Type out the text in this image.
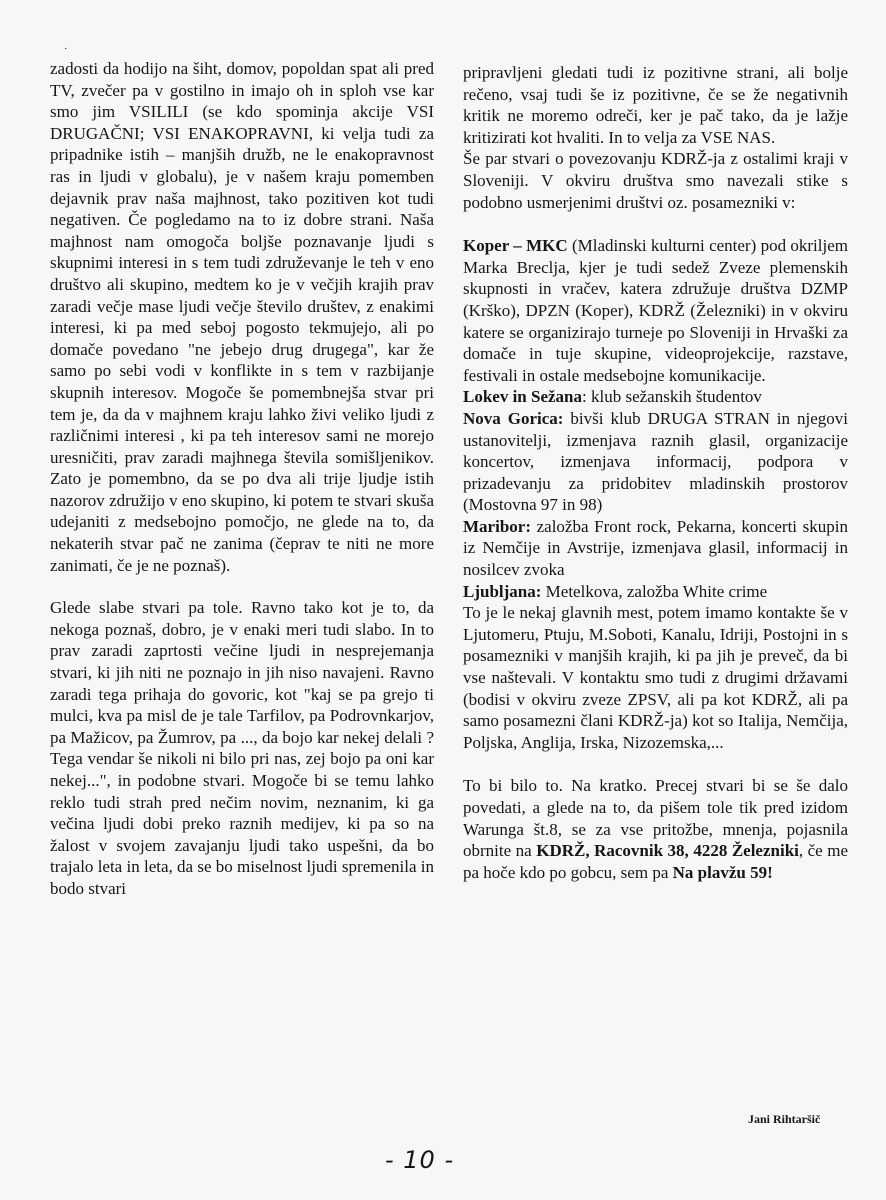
·

zadosti da hodijo na šiht, domov, popoldan spat ali pred TV, zvečer pa v gostilno in imajo oh in sploh vse kar smo jim VSILILI (se kdo spominja akcije VSI DRUGAČNI; VSI ENAKOPRAVNI, ki velja tudi za pripadnike istih – manjših družb, ne le enakopravnost ras in ljudi v globalu), je v našem kraju pomemben dejavnik prav naša majhnost, tako pozitiven kot tudi negativen. Če pogledamo na to iz dobre strani. Naša majhnost nam omogoča boljše poznavanje ljudi s skupnimi interesi in s tem tudi združevanje le teh v eno društvo ali skupino, medtem ko je v večjih krajih prav zaradi večje mase ljudi večje število društev, z enakimi interesi, ki pa med seboj pogosto tekmujejo, ali po domače povedano "ne jebejo drug drugega", kar že samo po sebi vodi v konflikte in s tem v razbijanje skupnih interesov. Mogoče še pomembnejša stvar pri tem je, da da v majhnem kraju lahko živi veliko ljudi z različnimi interesi , ki pa teh interesov sami ne morejo uresničiti, prav zaradi majhnega števila somišljenikov. Zato je pomembno, da se po dva ali trije ljudje istih nazorov združijo v eno skupino, ki potem te stvari skuša udejaniti z medsebojno pomočjo, ne glede na to, da nekaterih stvar pač ne zanima (čeprav te niti ne more zanimati, če je ne poznaš).

Glede slabe stvari pa tole. Ravno tako kot je to, da nekoga poznaš, dobro, je v enaki meri tudi slabo. In to prav zaradi zaprtosti večine ljudi in nesprejemanja stvari, ki jih niti ne poznajo in jih niso navajeni. Ravno zaradi tega prihaja do govoric, kot "kaj se pa grejo ti mulci, kva pa misl de je tale Tarfilov, pa Podrovnkarjov, pa Mažicov, pa Žumrov, pa ..., da bojo kar nekej delali ? Tega vendar še nikoli ni bilo pri nas, zej bojo pa oni kar nekej...", in podobne stvari. Mogoče bi se temu lahko reklo tudi strah pred nečim novim, neznanim, ki ga večina ljudi dobi preko raznih medijev, ki pa so na žalost v svojem zavajanju ljudi tako uspešni, da bo trajalo leta in leta, da se bo miselnost ljudi spremenila in bodo stvari

pripravljeni gledati tudi iz pozitivne strani, ali bolje rečeno, vsaj tudi še iz pozitivne, če se že negativnih kritik ne moremo odreči, ker je pač tako, da je lažje kritizirati kot hvaliti. In to velja za VSE NAS.

Še par stvari o povezovanju KDRŽ-ja z ostalimi kraji v Sloveniji. V okviru društva smo navezali stike s podobno usmerjenimi društvi oz. posamezniki v:

Koper – MKC (Mladinski kulturni center) pod okriljem Marka Breclja, kjer je tudi sedež Zveze plemenskih skupnosti in vračev, katera združuje društva DZMP (Krško), DPZN (Koper), KDRŽ (Železniki) in v okviru katere se organizirajo turneje po Sloveniji in Hrvaški za domače in tuje skupine, videoprojekcije, razstave, festivali in ostale medsebojne komunikacije.

Lokev in Sežana: klub sežanskih študentov

Nova Gorica: bivši klub DRUGA STRAN in njegovi ustanovitelji, izmenjava raznih glasil, organizacije koncertov, izmenjava informacij, podpora v prizadevanju za pridobitev mladinskih prostorov (Mostovna 97 in 98)

Maribor: založba Front rock, Pekarna, koncerti skupin iz Nemčije in Avstrije, izmenjava glasil, informacij in nosilcev zvoka

Ljubljana: Metelkova, založba White crime

To je le nekaj glavnih mest, potem imamo kontakte še v Ljutomeru, Ptuju, M.Soboti, Kanalu, Idriji, Postojni in s posamezniki v manjših krajih, ki pa jih je preveč, da bi vse naštevali. V kontaktu smo tudi z drugimi državami (bodisi v okviru zveze ZPSV, ali pa kot KDRŽ, ali pa samo posamezni člani KDRŽ-ja) kot so Italija, Nemčija, Poljska, Anglija, Irska, Nizozemska,...

To bi bilo to. Na kratko. Precej stvari bi se še dalo povedati, a glede na to, da pišem tole tik pred izidom Warunga št.8, se za vse pritožbe, mnenja, pojasnila obrnite na KDRŽ, Racovnik 38, 4228 Železniki, če me pa hoče kdo po gobcu, sem pa Na plavžu 59!

Jani Rihtaršič
- 10 -
